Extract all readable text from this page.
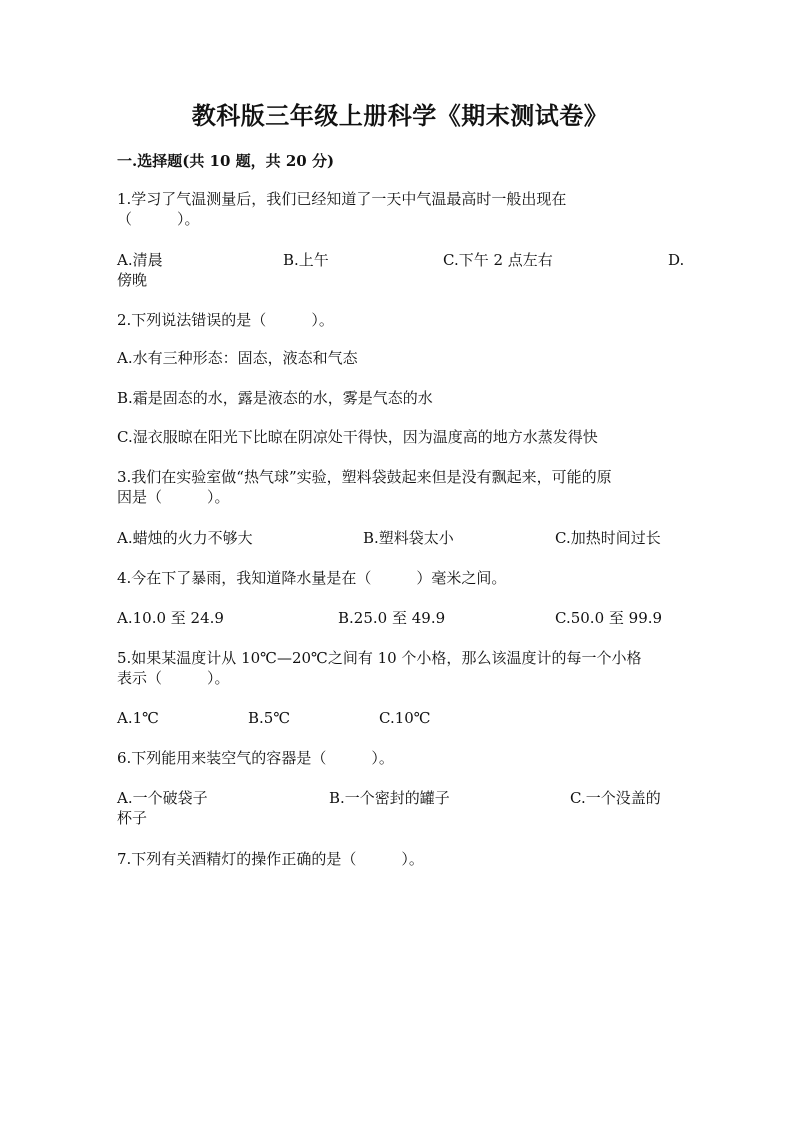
教科版三年级上册科学《期末测试卷》
一.选择题(共 10 题，共 20 分)
1.学习了气温测量后，我们已经知道了一天中气温最高时一般出现在
（　　　）。
A.清晨	B.上午	C.下午 2 点左右	D.
傍晚
2.下列说法错误的是（　　　）。
A.水有三种形态：固态，液态和气态
B.霜是固态的水，露是液态的水，雾是气态的水
C.湿衣服晾在阳光下比晾在阴凉处干得快，因为温度高的地方水蒸发得快
3.我们在实验室做“热气球”实验，塑料袋鼓起来但是没有飘起来，可能的原
因是（　　　）。
A.蜡烛的火力不够大	B.塑料袋太小	C.加热时间过长
4.今在下了暴雨，我知道降水量是在（　　　）毫米之间。
A.10.0 至 24.9	B.25.0 至 49.9	C.50.0 至 99.9
5.如果某温度计从 10℃—20℃之间有 10 个小格，那么该温度计的每一个小格
表示（　　　）。
A.1℃	B.5℃	C.10℃
6.下列能用来装空气的容器是（　　　）。
A.一个破袋子	B.一个密封的罐子	C.一个没盖的
杯子
7.下列有关酒精灯的操作正确的是（　　　）。
